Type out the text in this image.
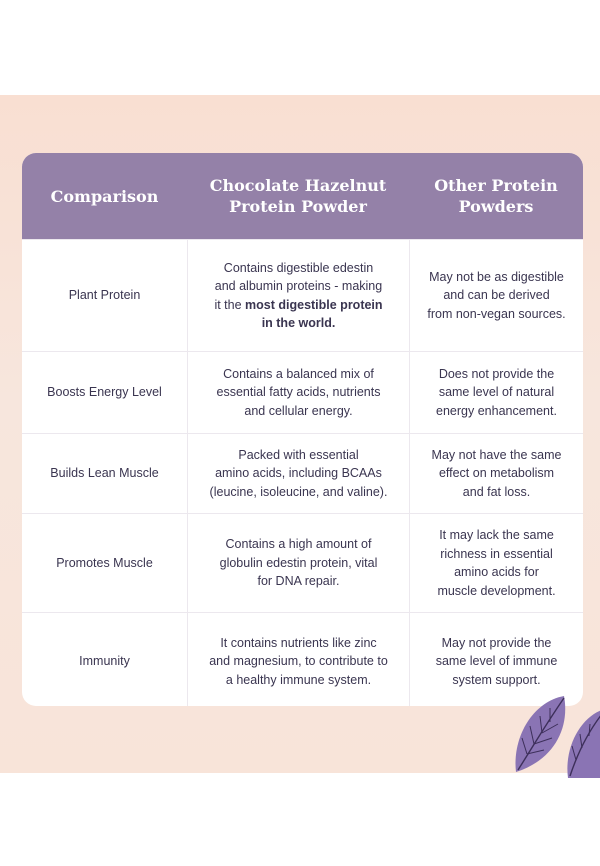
Comparison
Chocolate Hazelnut
Protein Powder
Other Protein
Powders
Plant Protein
Contains digestible edestin
and albumin proteins - making
it the most digestible protein
in the world.
May not be as digestible
and can be derived
from non-vegan sources.
Boosts Energy Level
Contains a balanced mix of
essential fatty acids, nutrients
and cellular energy.
Does not provide the
same level of natural
energy enhancement.
Builds Lean Muscle
Packed with essential
amino acids, including BCAAs
(leucine, isoleucine, and valine).
May not have the same
effect on metabolism
and fat loss.
Promotes Muscle
Contains a high amount of
globulin edestin protein, vital
for DNA repair.
It may lack the same
richness in essential
amino acids for
muscle development.
Immunity
It contains nutrients like zinc
and magnesium, to contribute to
a healthy immune system.
May not provide the
same level of immune
system support.
